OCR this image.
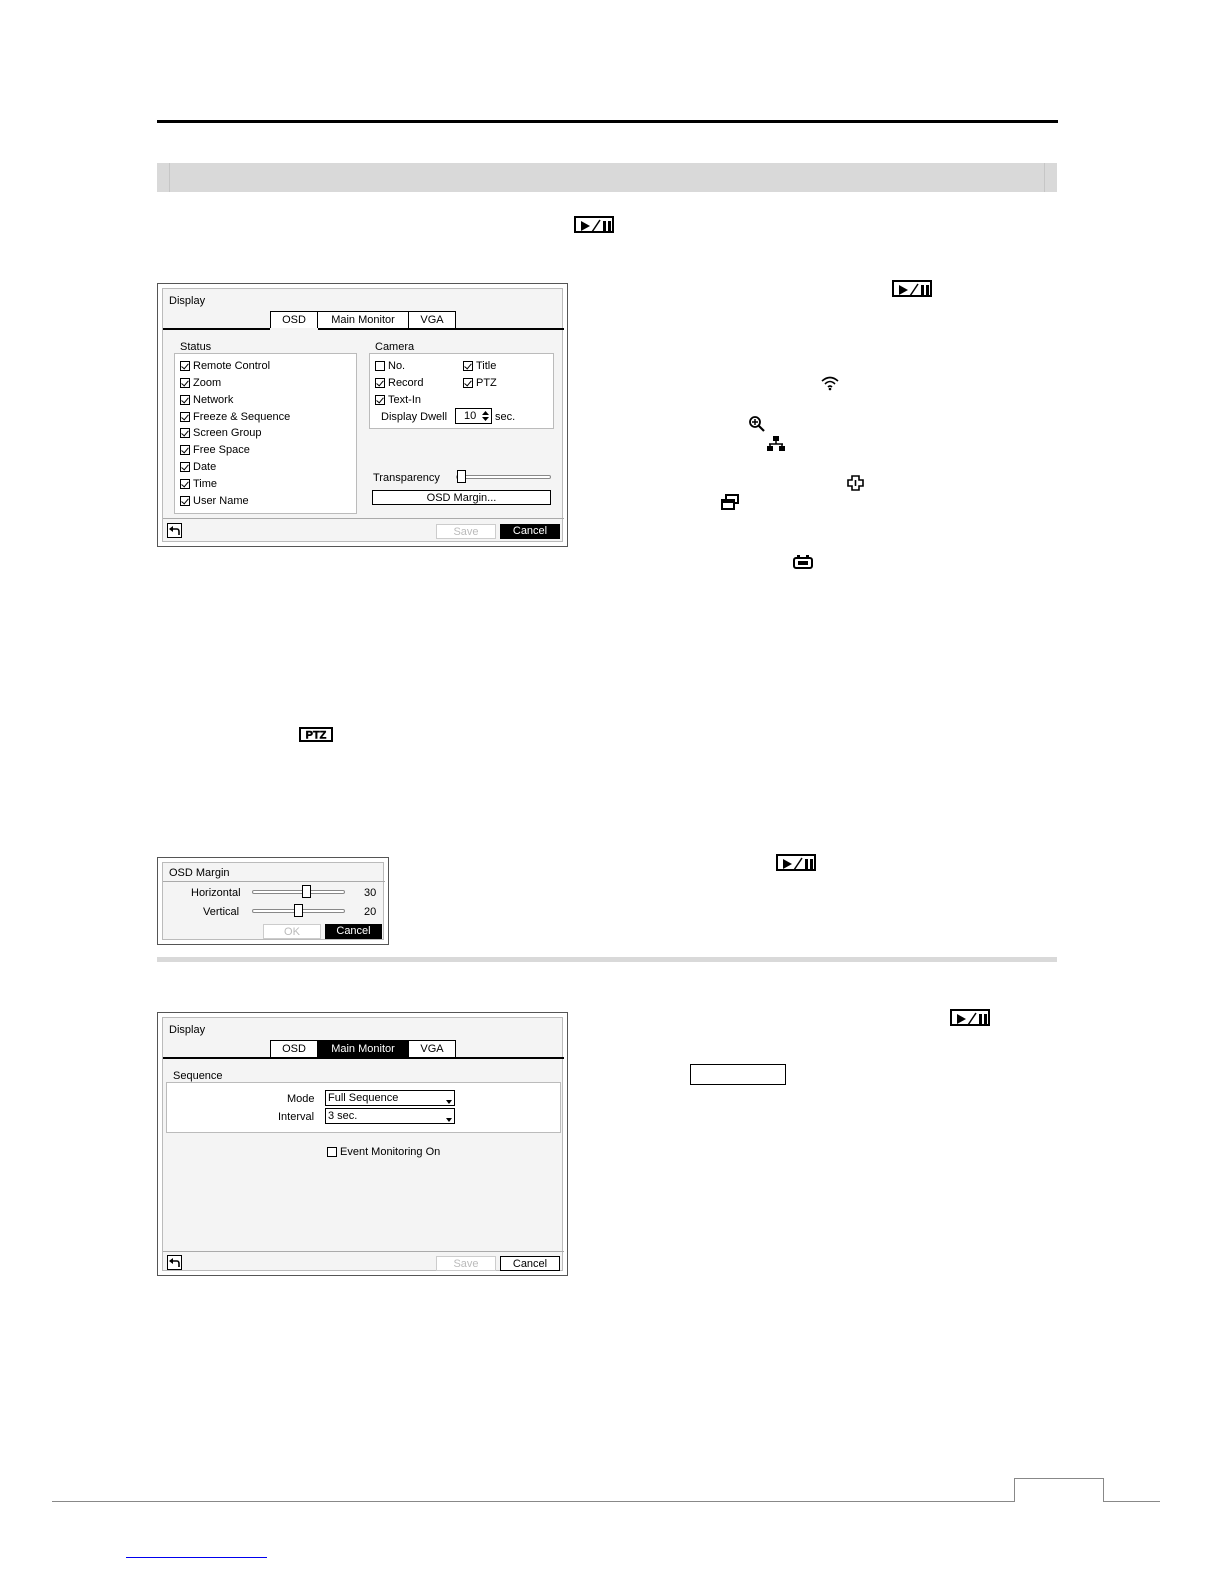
PTZ
Display
OSD	Main Monitor	VGA
Status
Remote Control
Zoom
Network
Freeze & Sequence
Screen Group
Free Space
Date
Time
User Name
Camera
No.	Title
Record	PTZ
Text-In
Display Dwell	10	sec.
Transparency
OSD Margin...
Save	Cancel
OSD Margin
Horizontal	30
Vertical	20
OK	Cancel
Display
OSD	Main Monitor	VGA
Sequence
Mode Full Sequence
Interval 3 sec.
Event Monitoring On
Save	Cancel
